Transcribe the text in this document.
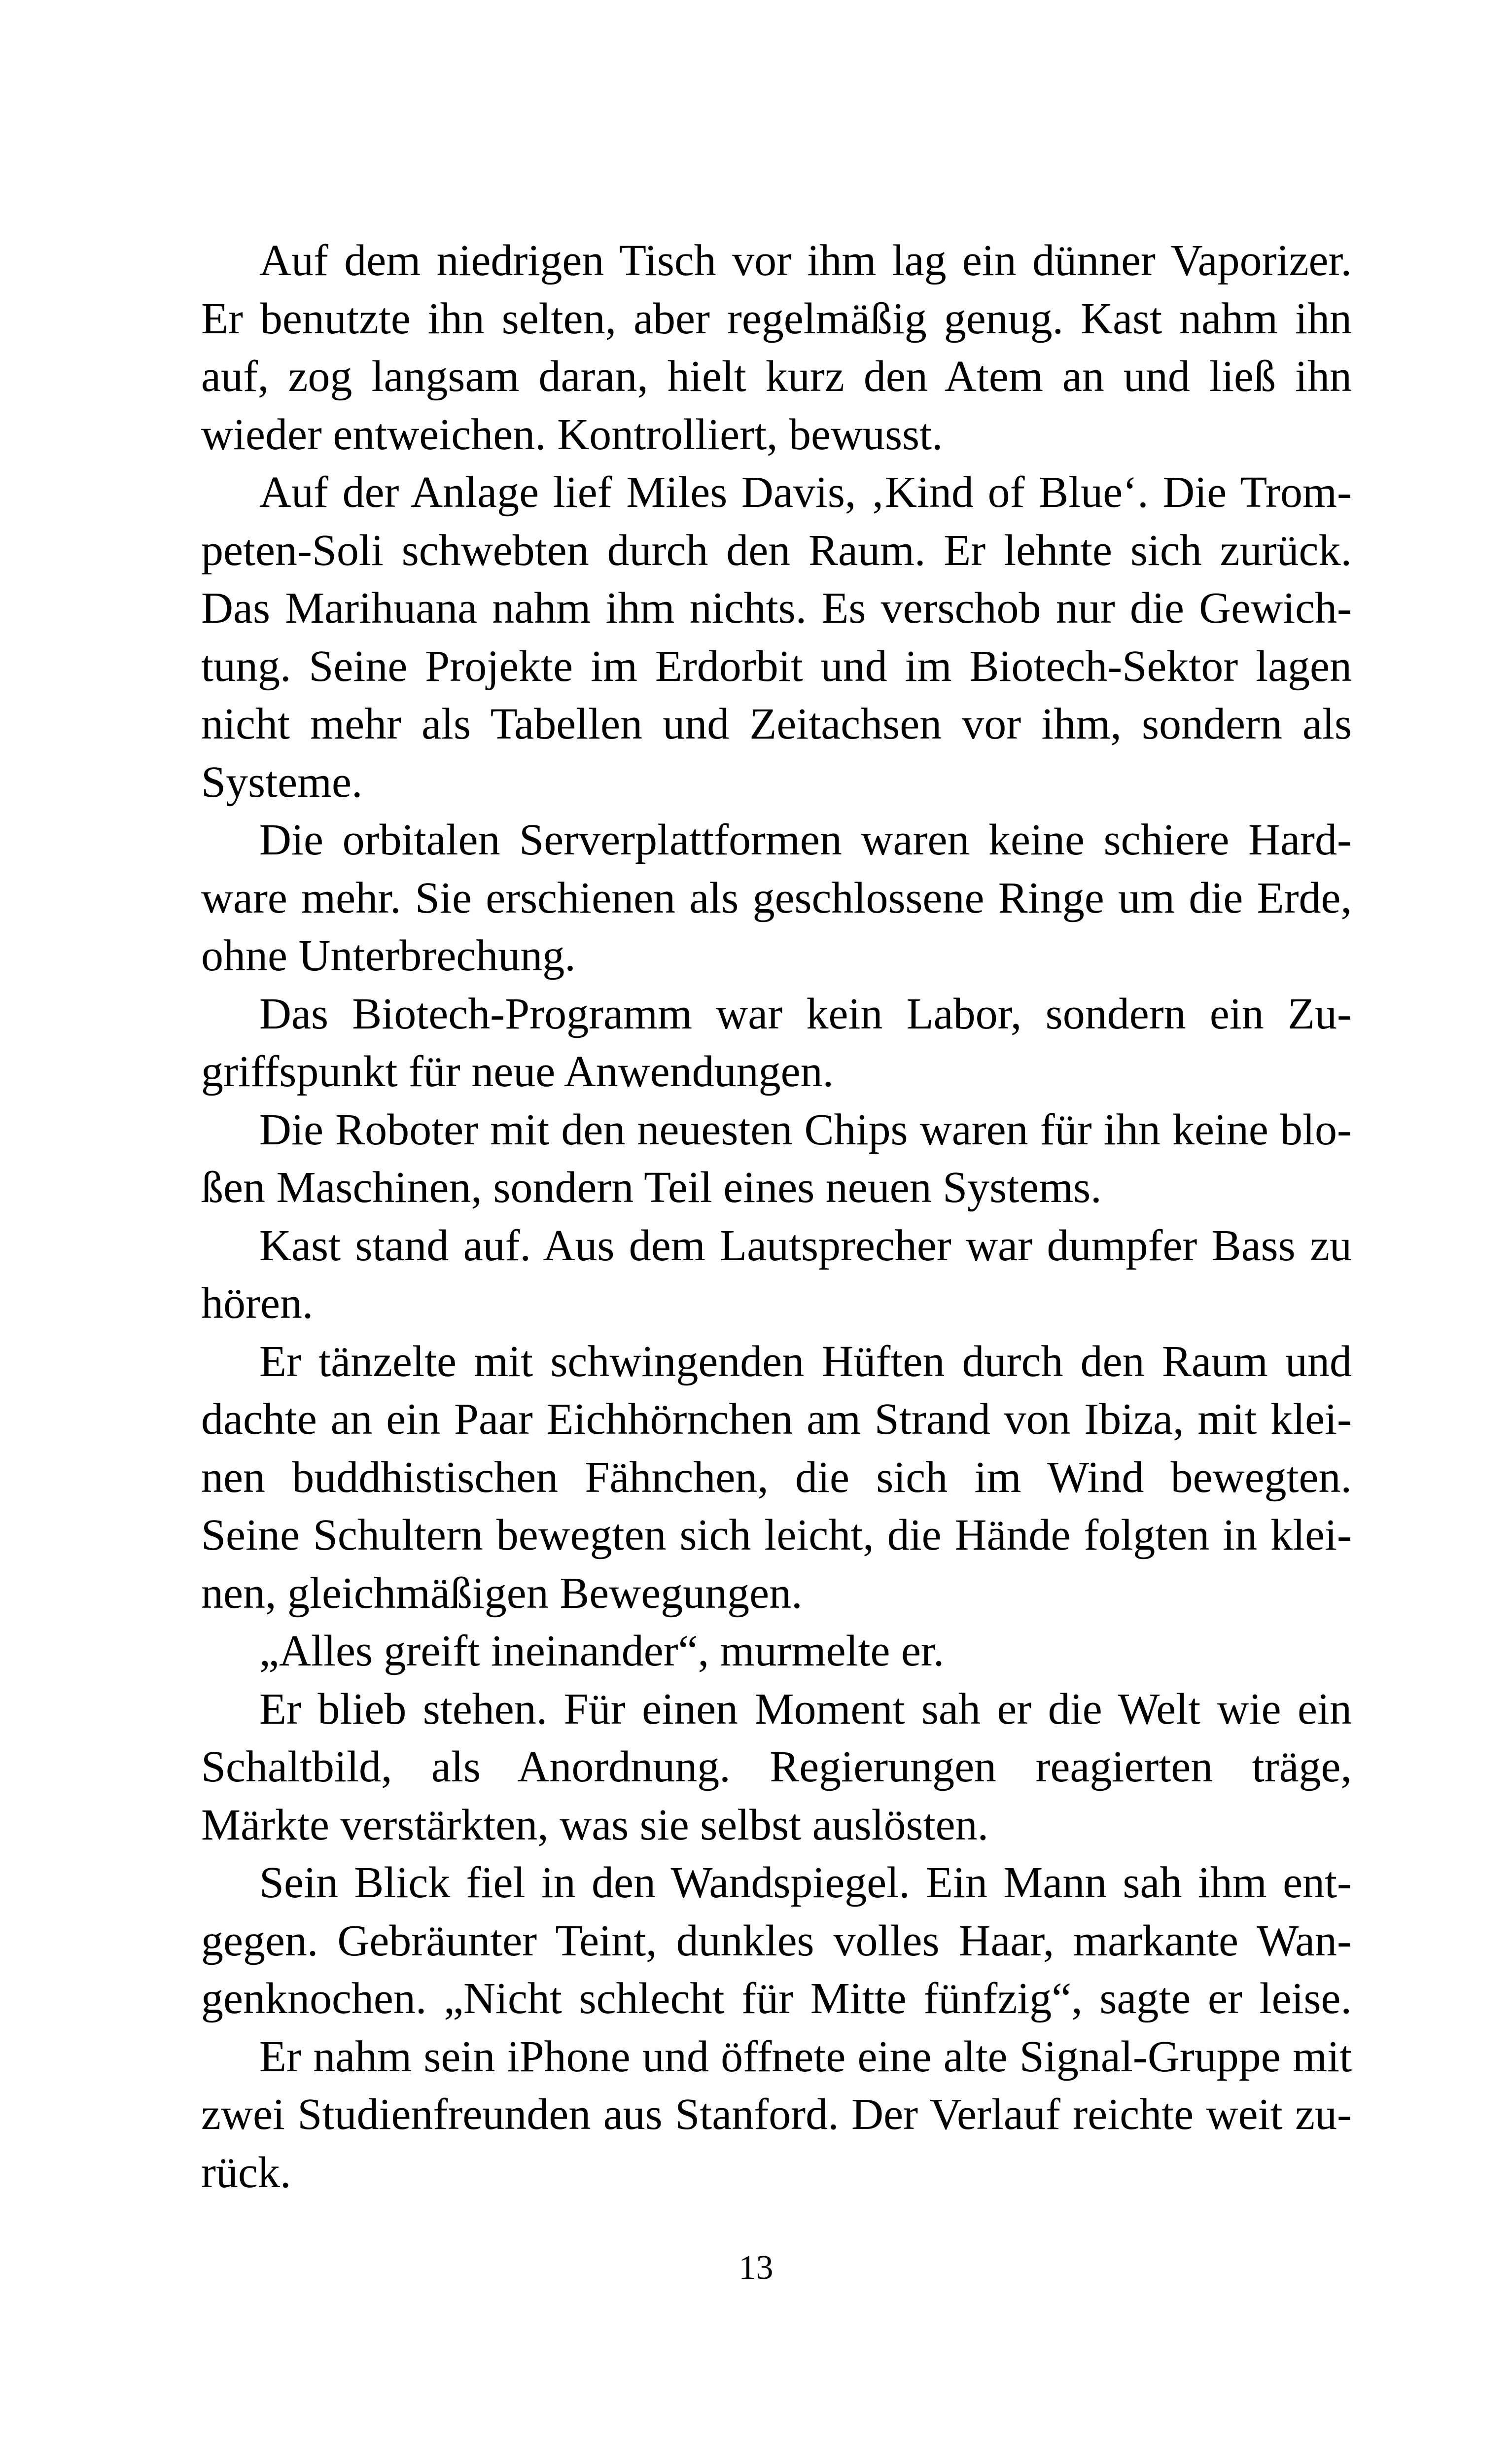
Auf dem niedrigen Tisch vor ihm lag ein dünner Vaporizer.
Er benutzte ihn selten, aber regelmäßig genug. Kast nahm ihn
auf, zog langsam daran, hielt kurz den Atem an und ließ ihn
wieder entweichen. Kontrolliert, bewusst.
Auf der Anlage lief Miles Davis, ‚Kind of Blue‘. Die Trom-
peten-Soli schwebten durch den Raum. Er lehnte sich zurück.
Das Marihuana nahm ihm nichts. Es verschob nur die Gewich-
tung. Seine Projekte im Erdorbit und im Biotech-Sektor lagen
nicht mehr als Tabellen und Zeitachsen vor ihm, sondern als
Systeme.
Die orbitalen Serverplattformen waren keine schiere Hard-
ware mehr. Sie erschienen als geschlossene Ringe um die Erde,
ohne Unterbrechung.
Das Biotech-Programm war kein Labor, sondern ein Zu-
griffspunkt für neue Anwendungen.
Die Roboter mit den neuesten Chips waren für ihn keine blo-
ßen Maschinen, sondern Teil eines neuen Systems.
Kast stand auf. Aus dem Lautsprecher war dumpfer Bass zu
hören.
Er tänzelte mit schwingenden Hüften durch den Raum und
dachte an ein Paar Eichhörnchen am Strand von Ibiza, mit klei-
nen buddhistischen Fähnchen, die sich im Wind bewegten.
Seine Schultern bewegten sich leicht, die Hände folgten in klei-
nen, gleichmäßigen Bewegungen.
„Alles greift ineinander“, murmelte er.
Er blieb stehen. Für einen Moment sah er die Welt wie ein
Schaltbild, als Anordnung. Regierungen reagierten träge,
Märkte verstärkten, was sie selbst auslösten.
Sein Blick fiel in den Wandspiegel. Ein Mann sah ihm ent-
gegen. Gebräunter Teint, dunkles volles Haar, markante Wan-
genknochen. „Nicht schlecht für Mitte fünfzig“, sagte er leise.
Er nahm sein iPhone und öffnete eine alte Signal-Gruppe mit
zwei Studienfreunden aus Stanford. Der Verlauf reichte weit zu-
rück.
13
